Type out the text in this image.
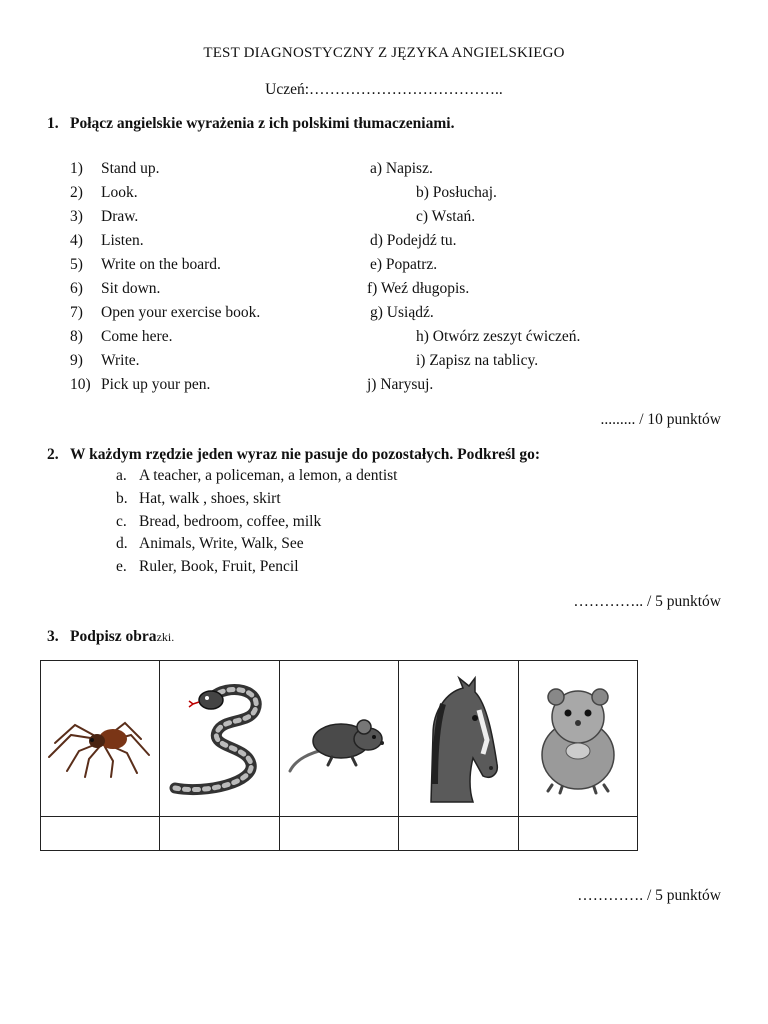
TEST DIAGNOSTYCZNY Z JĘZYKA ANGIELSKIEGO
Uczeń:………………………………..
1. Połącz angielskie wyrażenia z ich polskimi tłumaczeniami.
1) Stand up.
2) Look.
3) Draw.
4) Listen.
5) Write on the board.
6) Sit down.
7) Open your exercise book.
8) Come here.
9) Write.
10) Pick up your pen.
a) Napisz.
b) Posłuchaj.
c) Wstań.
d) Podejdź tu.
e) Popatrz.
f) Weź długopis.
g) Usiądź.
h) Otwórz zeszyt ćwiczeń.
i) Zapisz na tablicy.
j) Narysuj.
......... / 10 punktów
2. W każdym rzędzie jeden wyraz nie pasuje do pozostałych. Podkreśl go:
a. A teacher, a policeman, a lemon, a dentist
b. Hat, walk , shoes, skirt
c. Bread, bedroom, coffee, milk
d. Animals, Write, Walk, See
e. Ruler, Book, Fruit, Pencil
………….. / 5 punktów
3. Podpisz obrazki.

…………. / 5 punktów
